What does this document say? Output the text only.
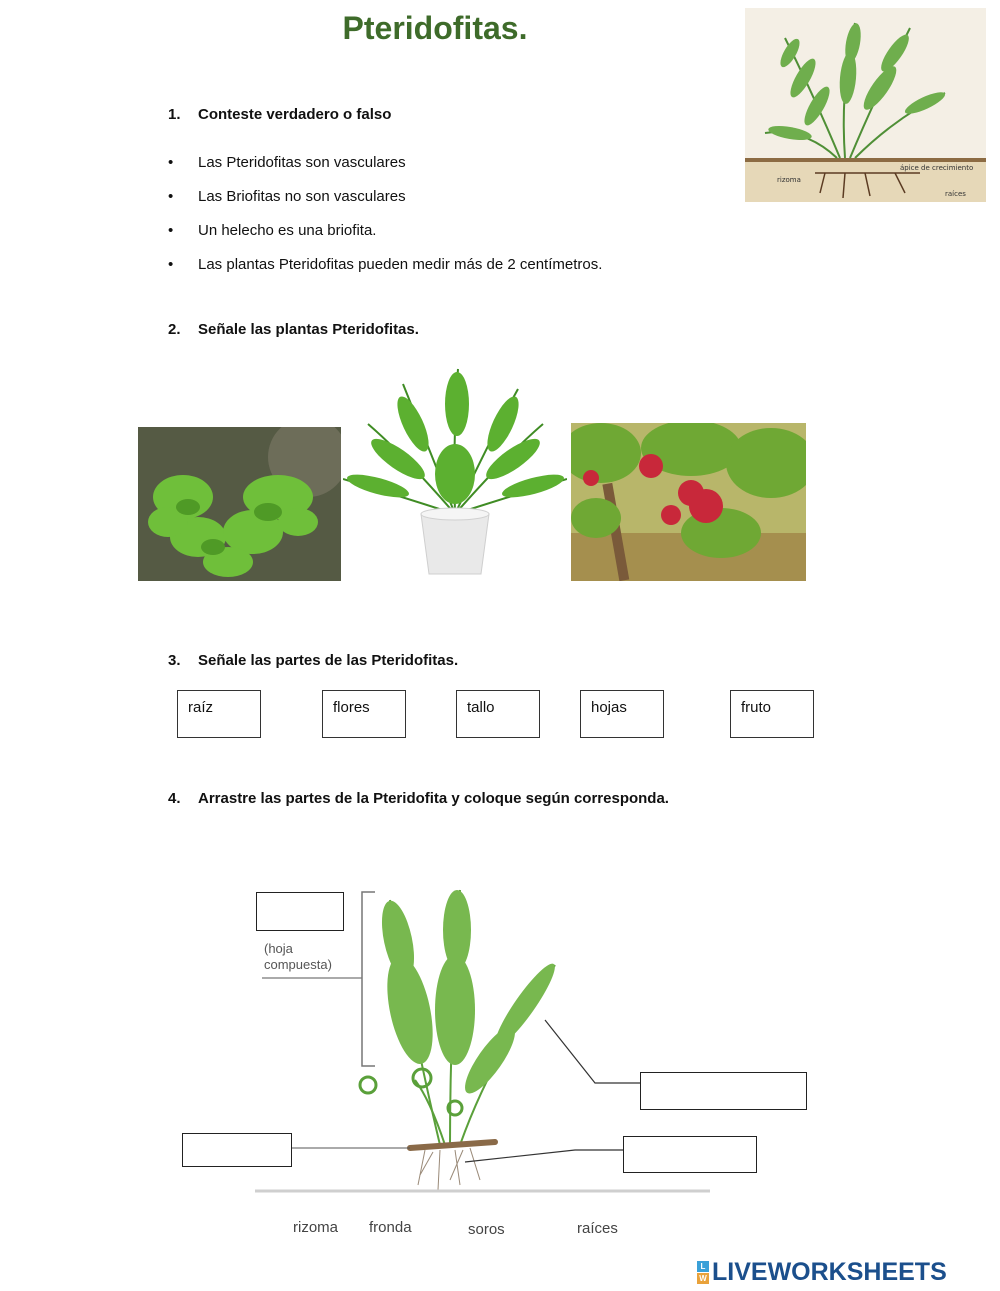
Pteridofitas.
ápice de crecimiento
rizoma
raíces
1. Conteste verdadero o falso
• Las Pteridofitas son vasculares
• Las Briofitas no son vasculares
• Un helecho es una briofita.
• Las plantas Pteridofitas pueden medir más de 2 centímetros.
2. Señale las plantas Pteridofitas.
3. Señale las partes de las Pteridofitas.
raíz	flores	tallo	hojas	fruto
4. Arrastre las partes de la Pteridofita y coloque según corresponda.
(hoja
compuesta)
rizoma fronda	soros	raíces
L
W LIVEWORKSHEETS
